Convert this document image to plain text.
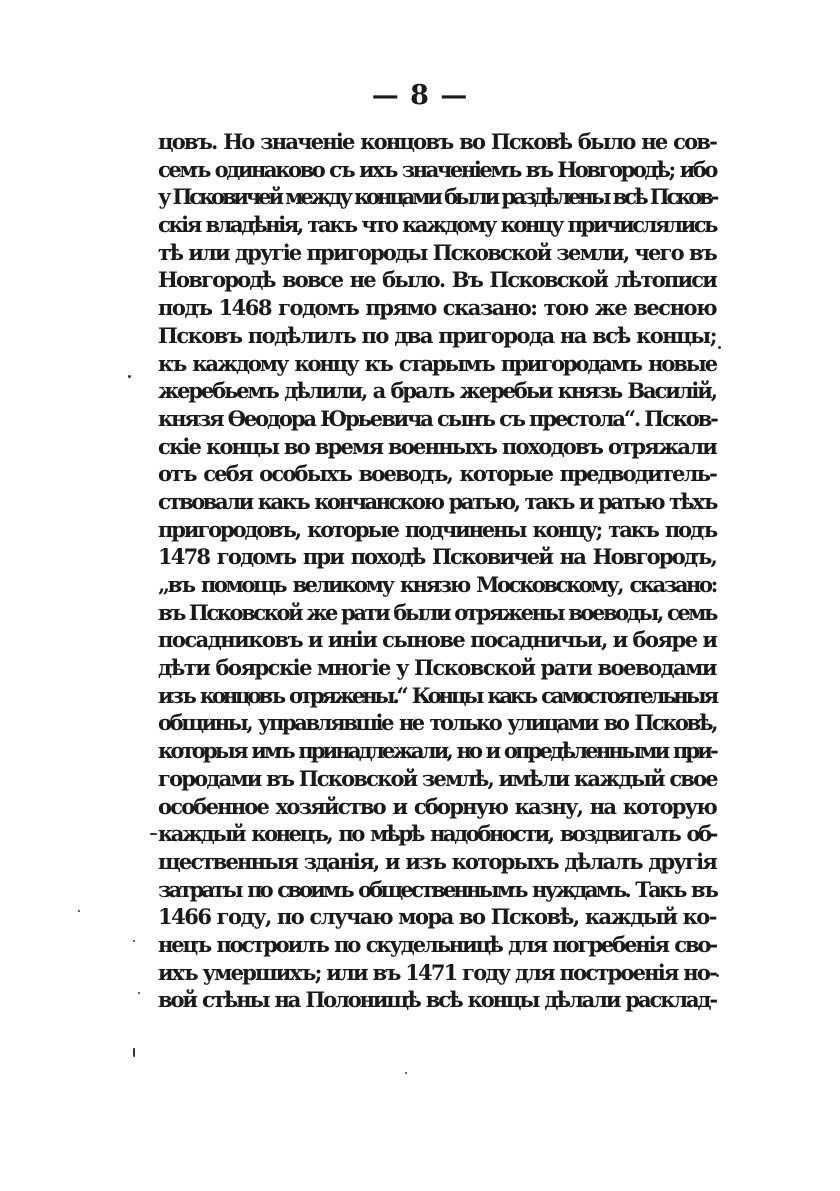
— 8 —
цовъ. Но значеніе концовъ во Псковѣ было не сов-
семъ одинаково съ ихъ значеніемъ въ Новгородѣ; ибо
у Псковичей между концами были раздѣлены всѣ Псков-
скія владѣнія, такъ что каждому концу причислялись
тѣ или другіе пригороды Псковской земли, чего въ
Новгородѣ вовсе не было. Въ Псковской лѣтописи
подъ 1468 годомъ прямо сказано: тою же весною
Псковъ подѣлилъ по два пригорода на всѣ концы;
къ каждому концу къ старымъ пригородамъ новые
жеребьемъ дѣлили, а бралъ жеребьи князь Василій,
князя Ѳеодора Юрьевича сынъ съ престола“. Псков-
скіе концы во время военныхъ походовъ отряжали
отъ себя особыхъ воеводъ, которые предводитель-
ствовали какъ кончанскою ратью, такъ и ратью тѣхъ
пригородовъ, которые подчинены концу; такъ подъ
1478 годомъ при походѣ Псковичей на Новгородъ,
„въ помощь великому князю Московскому, сказано:
въ Псковской же рати были отряжены воеводы, семь
посадниковъ и иніи сынове посадничьи, и бояре и
дѣти боярскіе многіе у Псковской рати воеводами
изъ концовъ отряжены.“ Концы какъ самостоятельныя
общины, управлявшіе не только улицами во Псковѣ,
которыя имъ принадлежали, но и опредѣленными при-
городами въ Псковской землѣ, имѣли каждый свое
особенное хозяйство и сборную казну, на которую
каждый конецъ, по мѣрѣ надобности, воздвигалъ об-
щественныя зданія, и изъ которыхъ дѣлалъ другія
затраты по своимъ общественнымъ нуждамъ. Такъ въ
1466 году, по случаю мора во Псковѣ, каждый ко-
нецъ построилъ по скудельницѣ для погребенія сво-
ихъ умершихъ; или въ 1471 году для построенія но-
вой стѣны на Полонищѣ всѣ концы дѣлали расклад-
